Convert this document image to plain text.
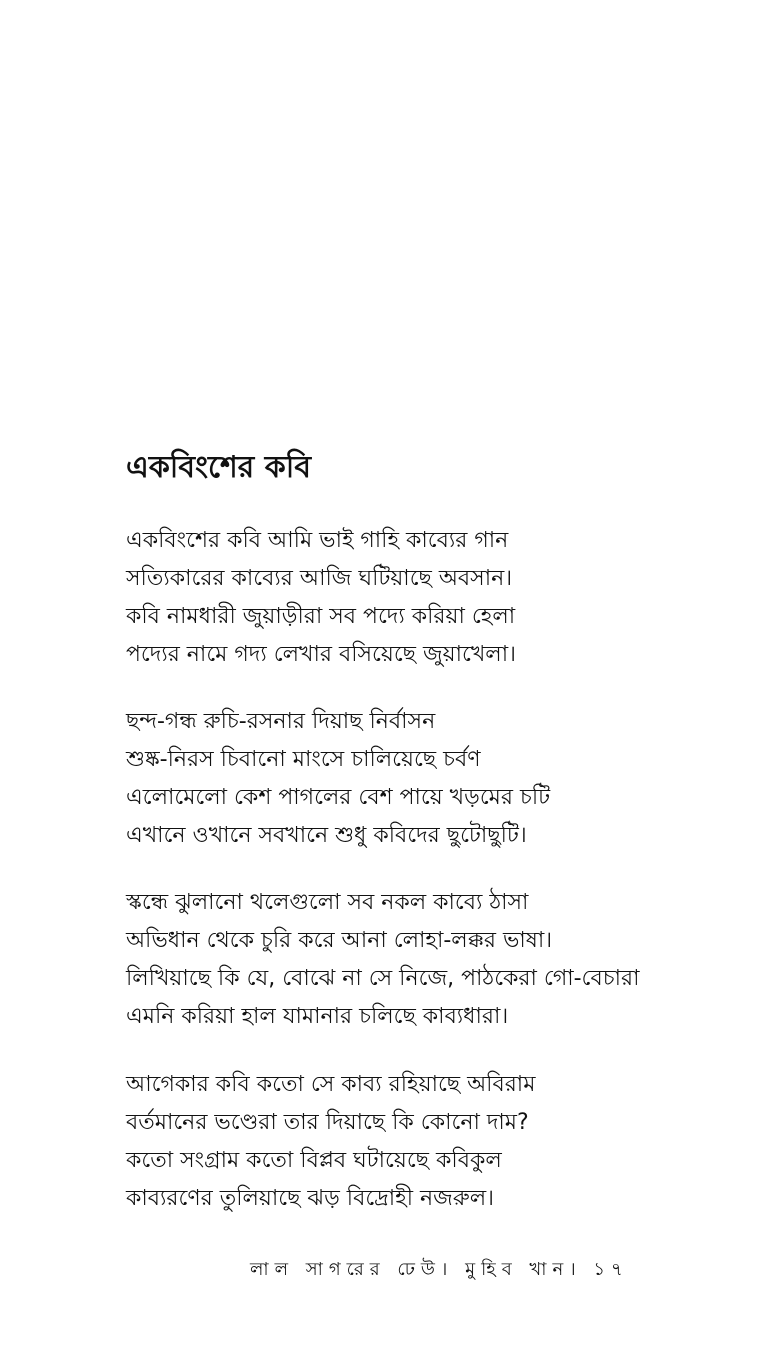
একবিংশের কবি
একবিংশের কবি আমি ভাই গাহি কাব্যের গান
সত্যিকারের কাব্যের আজি ঘটিয়াছে অবসান।
কবি নামধারী জুয়াড়ীরা সব পদ্যে করিয়া হেলা
পদ্যের নামে গদ্য লেখার বসিয়েছে জুয়াখেলা।
ছন্দ-গন্ধ রুচি-রসনার দিয়াছ নির্বাসন
শুষ্ক-নিরস চিবানো মাংসে চালিয়েছে চর্বণ
এলোমেলো কেশ পাগলের বেশ পায়ে খড়মের চটি
এখানে ওখানে সবখানে শুধু কবিদের ছুটোছুটি।
স্কন্ধে ঝুলানো থলেগুলো সব নকল কাব্যে ঠাসা
অভিধান থেকে চুরি করে আনা লোহা-লক্কর ভাষা।
লিখিয়াছে কি যে, বোঝে না সে নিজে, পাঠকেরা গো-বেচারা
এমনি করিয়া হাল যামানার চলিছে কাব্যধারা।
আগেকার কবি কতো সে কাব্য রহিয়াছে অবিরাম
বর্তমানের ভণ্ডেরা তার দিয়াছে কি কোনো দাম?
কতো সংগ্রাম কতো বিপ্লব ঘটায়েছে কবিকুল
কাব্যরণের তুলিয়াছে ঝড় বিদ্রোহী নজরুল।
লাল সাগরের ঢেউ। মুহিব খান। ১৭
